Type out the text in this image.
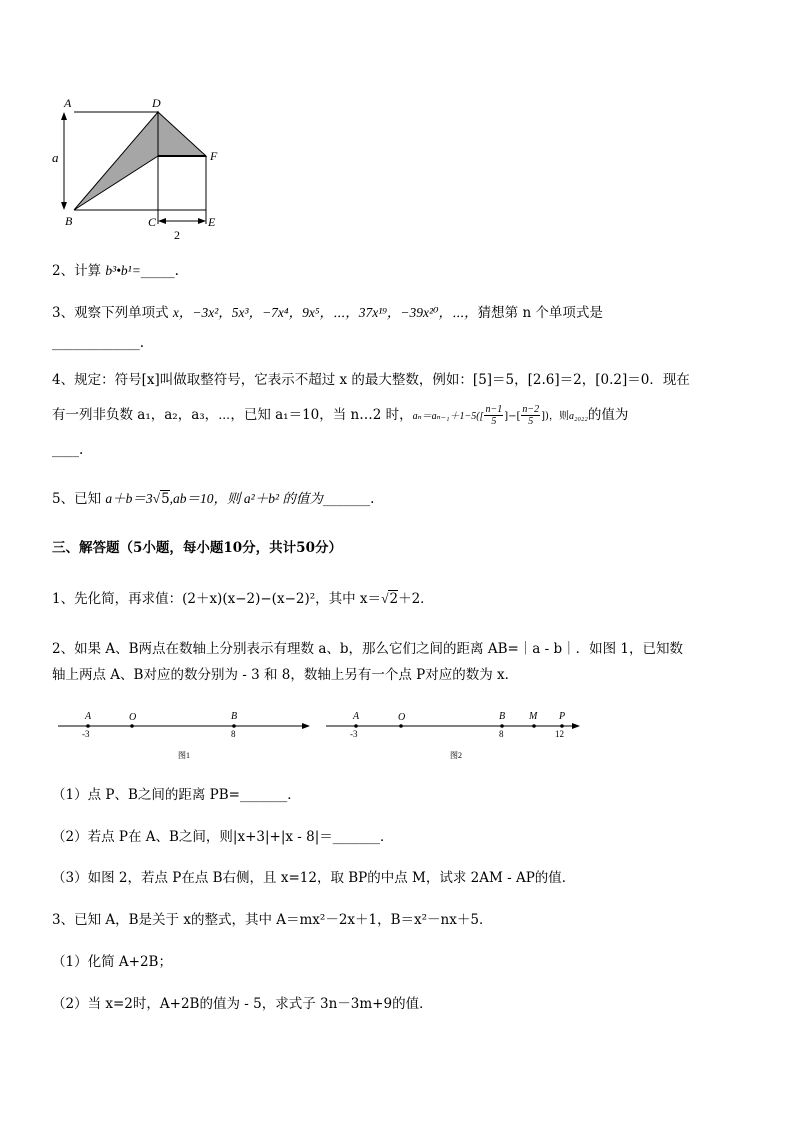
A	D
F
B	C	E
a
2
2、计算 b³•b¹=_____.
3、观察下列单项式 x，−3x²，5x³，−7x⁴，9x⁵，⋯，37x¹⁹，−39x²⁰，⋯，猜想第 n 个单项式是
_____________.
4、规定：符号[x]叫做取整符号，它表示不超过 x 的最大整数，例如：[5]＝5，[2.6]＝2，[0.2]＝0．现在
有一列非负数 a₁，a₂，a₃，⋯，已知 a₁＝10，当 n…2 时，$a_n=a_{n-1}+1-5([ \frac{n-1}{5}$ ]−[ $\frac{n-2}{5}$ ])，则a₂₀₂₂的值为
____.
5、已知 a＋b＝3√5,ab＝10，则 a²＋b² 的值为_______.
三、解答题（5小题，每小题10分，共计50分）
1、先化简，再求值：(2＋x)(x−2)−(x−2)²，其中 x＝√2＋2．
2、如果 A、B两点在数轴上分别表示有理数 a、b，那么它们之间的距离 AB=｜a - b｜．如图 1，已知数
轴上两点 A、B对应的数分别为 - 3 和 8，数轴上另有一个点 P对应的数为 x．
A	O	B
-3	8
图1
A	O	B M P
-3	8	12
图2
（1）点 P、B之间的距离 PB=_______．
（2）若点 P在 A、B之间，则|x+3|+|x - 8|＝_______．
（3）如图 2，若点 P在点 B右侧，且 x=12，取 BP的中点 M，试求 2AM - AP的值．
3、已知 A，B是关于 x的整式，其中 A＝mx²－2x＋1，B＝x²－nx＋5．
（1）化简 A+2B；
（2）当 x=2时，A+2B的值为 - 5，求式子 3n－3m+9的值．
